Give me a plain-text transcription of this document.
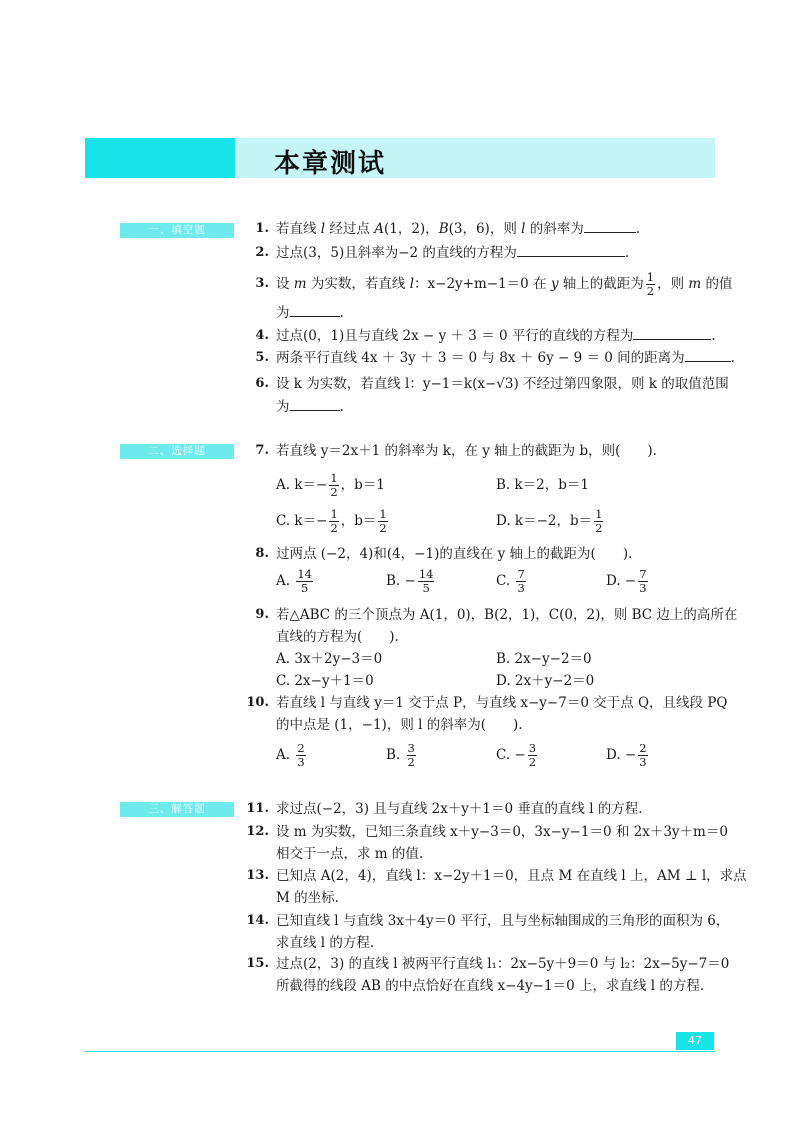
本章测试
一、填空题
二、选择题
三、解答题
1. 若直线 l 经过点 A(1，2)，B(3，6)，则 l 的斜率为	.
2. 过点(3，5)且斜率为−2 的直线的方程为	.
3. 设 m 为实数，若直线 l：x−2y+m−1＝0 在 y 轴上的截距为 $\frac{1}{2}$ ，则 m 的值
为	.
4. 过点(0，1)且与直线 2x − y ＋ 3 ＝ 0 平行的直线的方程为	.
5. 两条平行直线 4x ＋ 3y ＋ 3 ＝ 0 与 8x ＋ 6y − 9 ＝ 0 间的距离为	.
6. 设 k 为实数，若直线 l：y−1＝k(x−√3) 不经过第四象限，则 k 的取值范围
为	.
7. 若直线 y＝2x＋1 的斜率为 k，在 y 轴上的截距为 b，则(　　).
A. $k=- \frac{1}{2}$ ，b＝1	B. k＝2，b＝1
C. $k=- \frac{1}{2}$ ，$b= \frac{1}{2}$	D. k＝−2，$b= \frac{1}{2}$
8. 过两点 (−2，4)和(4，−1)的直线在 y 轴上的截距为(　　).
A. $\frac{14}{5}$	B. − $\frac{14}{5}$	C. $\frac{7}{3}$	D. − $\frac{7}{3}$
9. 若△ABC 的三个顶点为 A(1，0)，B(2，1)，C(0，2)，则 BC 边上的高所在
直线的方程为(　　).
A. 3x＋2y−3＝0	B. 2x−y−2＝0
C. 2x−y＋1＝0	D. 2x＋y−2＝0
10. 若直线 l 与直线 y＝1 交于点 P，与直线 x−y−7＝0 交于点 Q，且线段 PQ
的中点是 (1，−1)，则 l 的斜率为(　　).
A. $\frac{2}{3}$	B. $\frac{3}{2}$	C. − $\frac{3}{2}$	D. − $\frac{2}{3}$
11. 求过点(−2，3) 且与直线 2x＋y＋1＝0 垂直的直线 l 的方程.
12. 设 m 为实数，已知三条直线 x＋y−3＝0，3x−y−1＝0 和 2x＋3y＋m＝0
相交于一点，求 m 的值.
13. 已知点 A(2，4)，直线 l：x−2y＋1＝0，且点 M 在直线 l 上，AM ⊥ l，求点
M 的坐标.
14. 已知直线 l 与直线 3x＋4y＝0 平行，且与坐标轴围成的三角形的面积为 6，
求直线 l 的方程.
15. 过点(2，3) 的直线 l 被两平行直线 l₁：2x−5y＋9＝0 与 l₂：2x−5y−7＝0
所截得的线段 AB 的中点恰好在直线 x−4y−1＝0 上，求直线 l 的方程.
47
